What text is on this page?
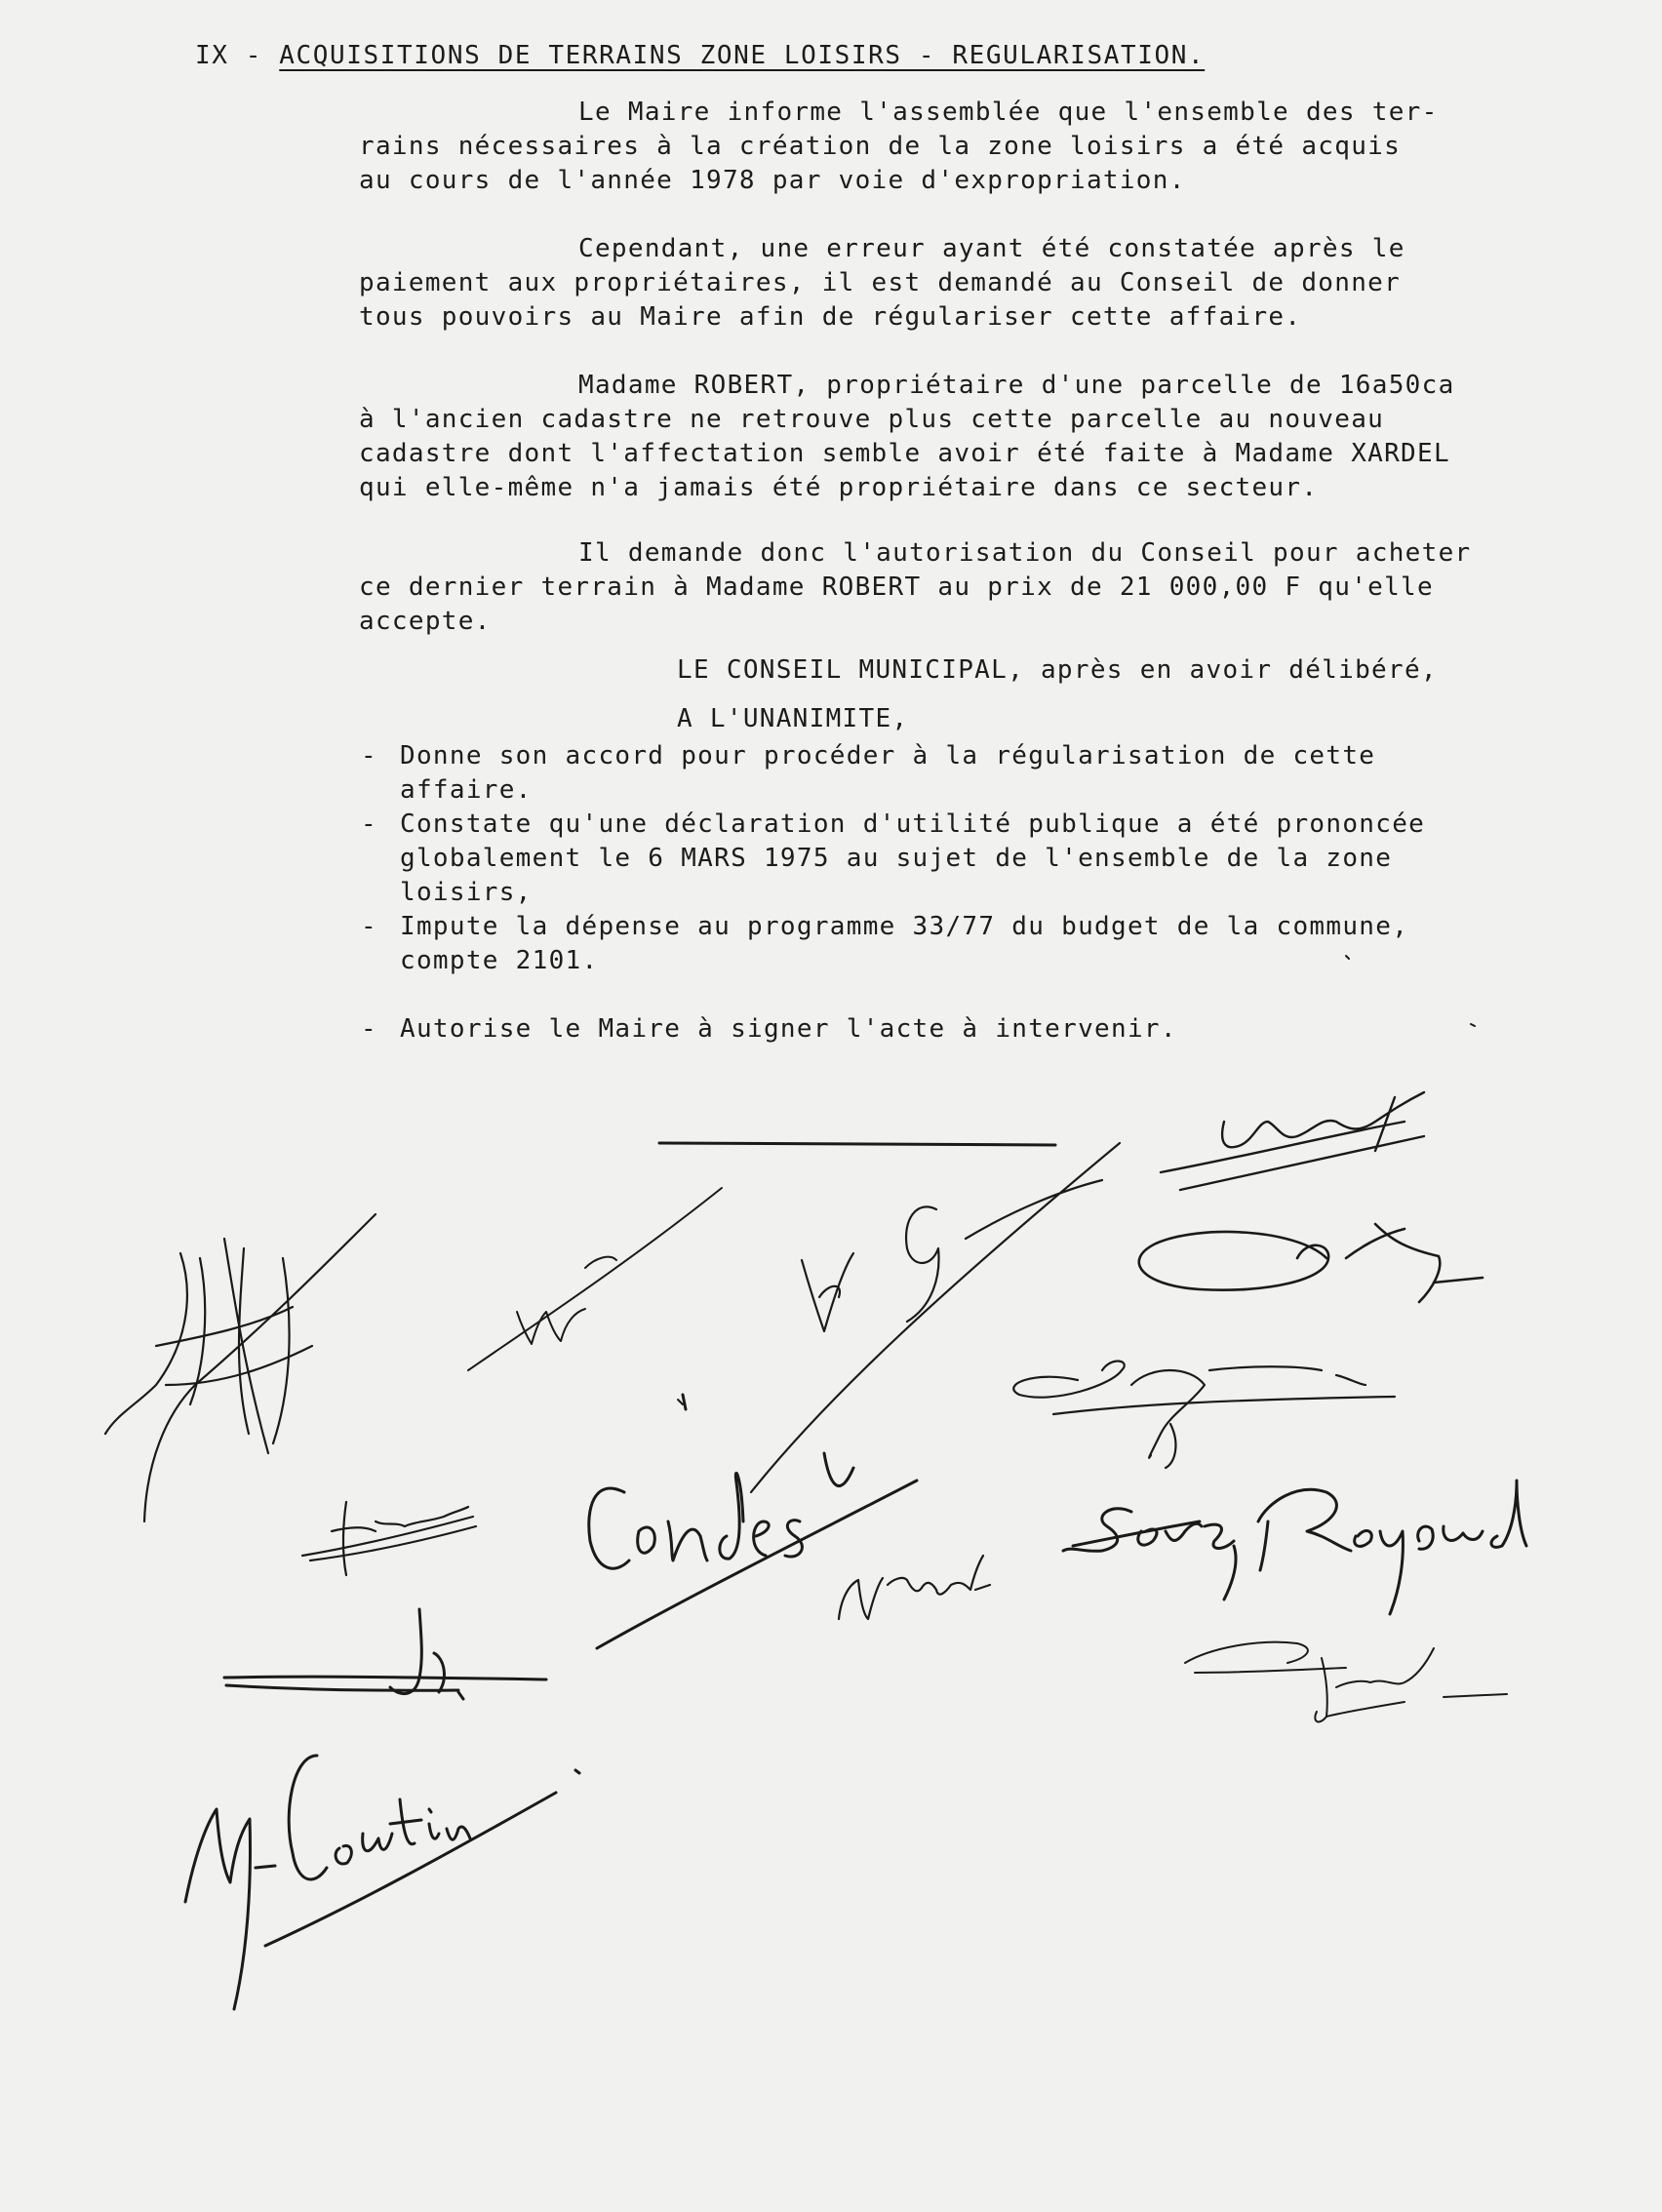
IX - ACQUISITIONS DE TERRAINS ZONE LOISIRS - REGULARISATION.

Le Maire informe l'assemblée que l'ensemble des ter-
rains nécessaires à la création de la zone loisirs a été acquis
au cours de l'année 1978 par voie d'expropriation.

Cependant, une erreur ayant été constatée après le
paiement aux propriétaires, il est demandé au Conseil de donner
tous pouvoirs au Maire afin de régulariser cette affaire.

Madame ROBERT, propriétaire d'une parcelle de 16a50ca
à l'ancien cadastre ne retrouve plus cette parcelle au nouveau
cadastre dont l'affectation semble avoir été faite à Madame XARDEL
qui elle-même n'a jamais été propriétaire dans ce secteur.

Il demande donc l'autorisation du Conseil pour acheter
ce dernier terrain à Madame ROBERT au prix de 21 000,00 F qu'elle
accepte.

LE CONSEIL MUNICIPAL, après en avoir délibéré,
A L'UNANIMITE,
- Donne son accord pour procéder à la régularisation de cette
affaire.
- Constate qu'une déclaration d'utilité publique a été prononcée
globalement le 6 MARS 1975 au sujet de l'ensemble de la zone
loisirs,
- Impute la dépense au programme 33/77 du budget de la commune,
compte 2101.
- Autorise le Maire à signer l'acte à intervenir.
